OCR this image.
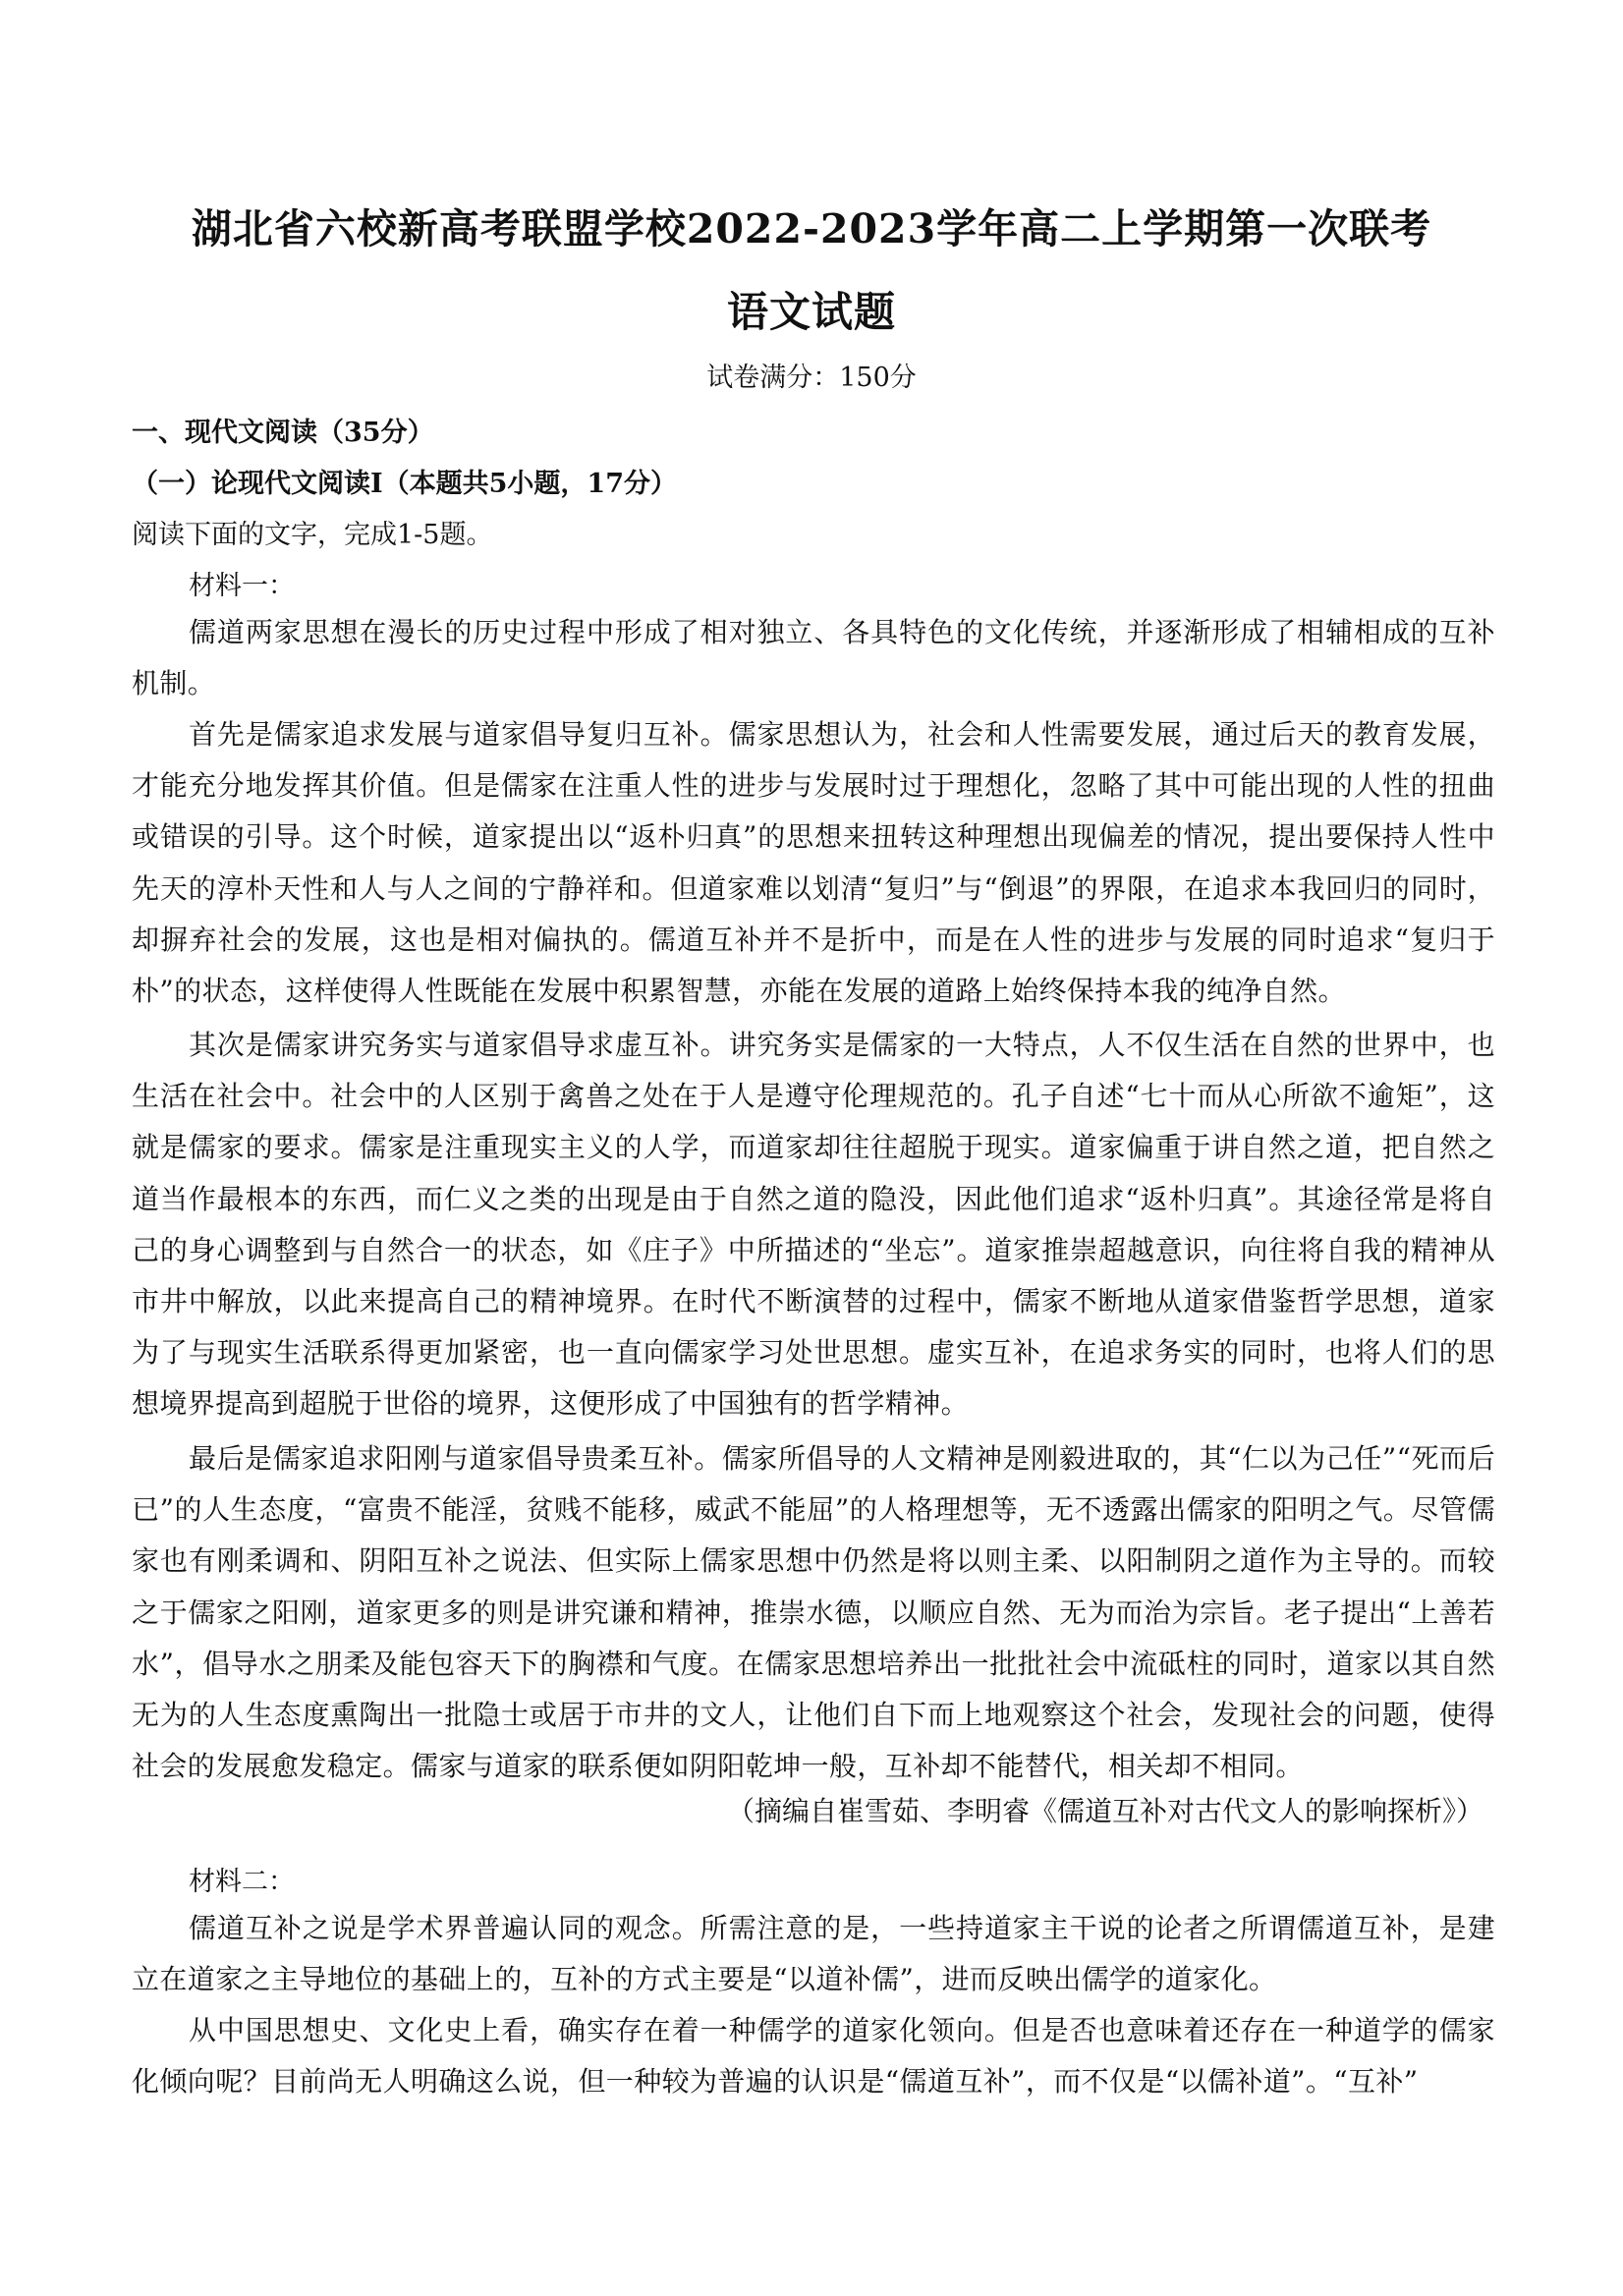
湖北省六校新高考联盟学校2022-2023学年高二上学期第一次联考
语文试题
试卷满分：150分
一、现代文阅读（35分）
（一）论现代文阅读Ⅰ（本题共5小题，17分）
阅读下面的文字，完成1-5题。
材料一：
儒道两家思想在漫长的历史过程中形成了相对独立、各具特色的文化传统，并逐渐形成了相辅相成的互补机制。
首先是儒家追求发展与道家倡导复归互补。儒家思想认为，社会和人性需要发展，通过后天的教育发展，才能充分地发挥其价值。但是儒家在注重人性的进步与发展时过于理想化，忽略了其中可能出现的人性的扭曲或错误的引导。这个时候，道家提出以“返朴归真”的思想来扭转这种理想出现偏差的情况，提出要保持人性中先天的淳朴天性和人与人之间的宁静祥和。但道家难以划清“复归”与“倒退”的界限，在追求本我回归的同时，却摒弃社会的发展，这也是相对偏执的。儒道互补并不是折中，而是在人性的进步与发展的同时追求“复归于朴”的状态，这样使得人性既能在发展中积累智慧，亦能在发展的道路上始终保持本我的纯净自然。
其次是儒家讲究务实与道家倡导求虚互补。讲究务实是儒家的一大特点，人不仅生活在自然的世界中，也生活在社会中。社会中的人区别于禽兽之处在于人是遵守伦理规范的。孔子自述“七十而从心所欲不逾矩”，这就是儒家的要求。儒家是注重现实主义的人学，而道家却往往超脱于现实。道家偏重于讲自然之道，把自然之道当作最根本的东西，而仁义之类的出现是由于自然之道的隐没，因此他们追求“返朴归真”。其途径常是将自己的身心调整到与自然合一的状态，如《庄子》中所描述的“坐忘”。道家推崇超越意识，向往将自我的精神从市井中解放，以此来提高自己的精神境界。在时代不断演替的过程中，儒家不断地从道家借鉴哲学思想，道家为了与现实生活联系得更加紧密，也一直向儒家学习处世思想。虚实互补，在追求务实的同时，也将人们的思想境界提高到超脱于世俗的境界，这便形成了中国独有的哲学精神。
最后是儒家追求阳刚与道家倡导贵柔互补。儒家所倡导的人文精神是刚毅进取的，其“仁以为己任”“死而后已”的人生态度，“富贵不能淫，贫贱不能移，威武不能屈”的人格理想等，无不透露出儒家的阳明之气。尽管儒家也有刚柔调和、阴阳互补之说法、但实际上儒家思想中仍然是将以则主柔、以阳制阴之道作为主导的。而较之于儒家之阳刚，道家更多的则是讲究谦和精神，推崇水德，以顺应自然、无为而治为宗旨。老子提出“上善若水”，倡导水之朋柔及能包容天下的胸襟和气度。在儒家思想培养出一批批社会中流砥柱的同时，道家以其自然无为的人生态度熏陶出一批隐士或居于市井的文人，让他们自下而上地观察这个社会，发现社会的问题，使得社会的发展愈发稳定。儒家与道家的联系便如阴阳乾坤一般，互补却不能替代，相关却不相同。
（摘编自崔雪茹、李明睿《儒道互补对古代文人的影响探析》）
材料二：
儒道互补之说是学术界普遍认同的观念。所需注意的是，一些持道家主干说的论者之所谓儒道互补，是建立在道家之主导地位的基础上的，互补的方式主要是“以道补儒”，进而反映出儒学的道家化。
从中国思想史、文化史上看，确实存在着一种儒学的道家化领向。但是否也意味着还存在一种道学的儒家化倾向呢？目前尚无人明确这么说，但一种较为普遍的认识是“儒道互补”，而不仅是“以儒补道”。“互补”
